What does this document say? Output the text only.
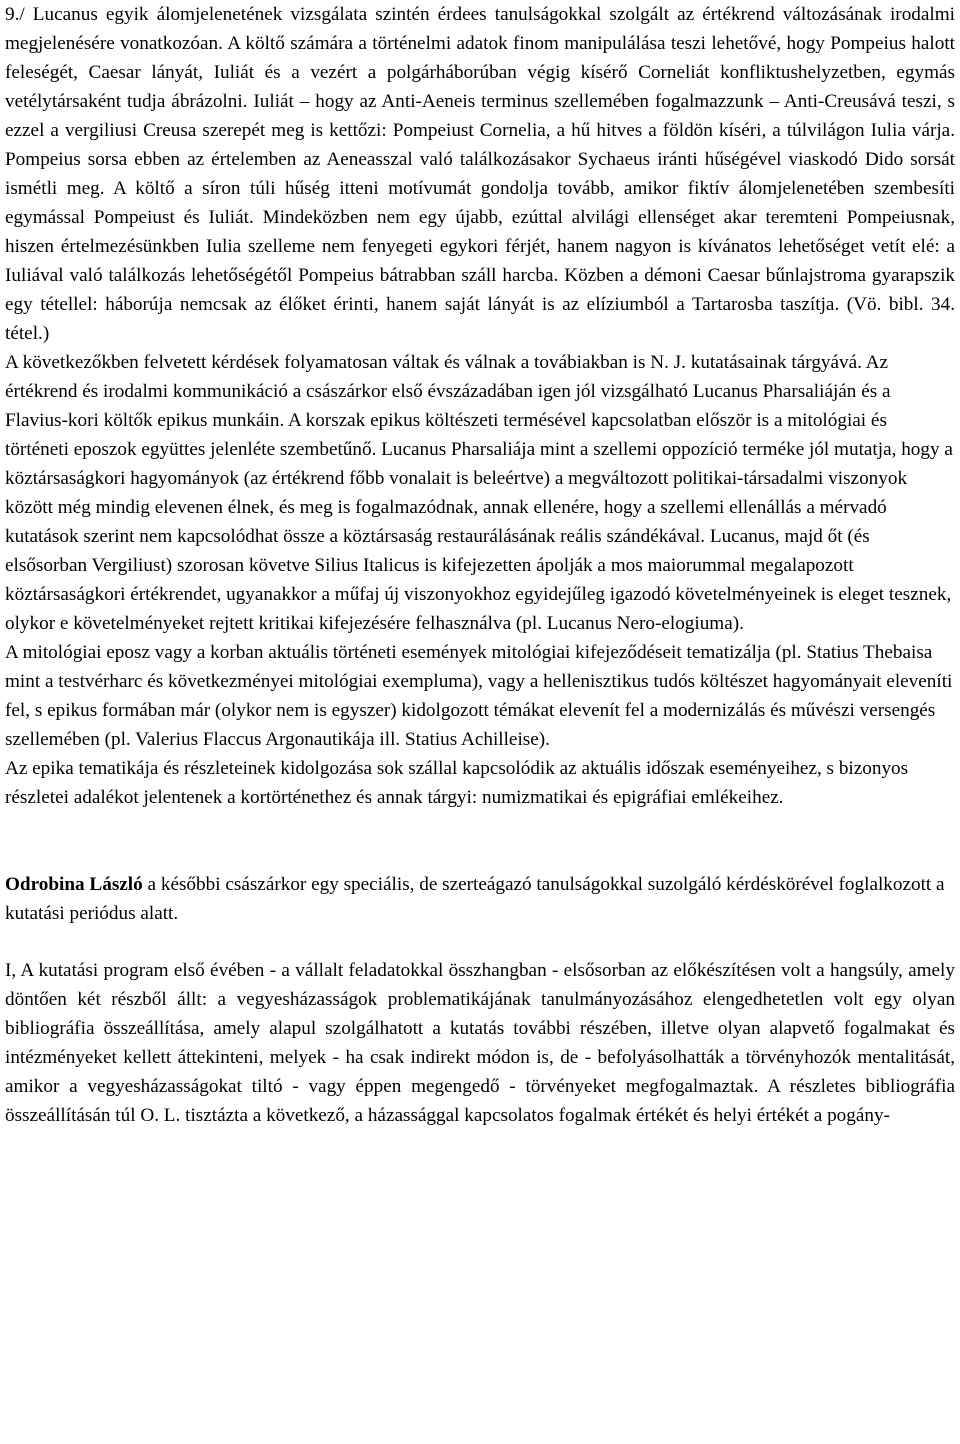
9./ Lucanus egyik álomjelenetének vizsgálata szintén érdees tanulságokkal szolgált az értékrend változásának irodalmi megjelenésére vonatkozóan. A költő számára a történelmi adatok finom manipulálása teszi lehetővé, hogy Pompeius halott feleségét, Caesar lányát, Iuliát és a vezért a polgárháborúban végig kísérő Corneliát konfliktushelyzetben, egymás vetélytársaként tudja ábrázolni. Iuliát – hogy az Anti-Aeneis terminus szellemében fogalmazzunk – Anti-Creusává teszi, s ezzel a vergiliusi Creusa szerepét meg is kettőzi: Pompeiust Cornelia, a hű hitves a földön kíséri, a túlvilágon Iulia várja. Pompeius sorsa ebben az értelemben az Aeneasszal való találkozásakor Sychaeus iránti hűségével viaskodó Dido sorsát ismétli meg. A költő a síron túli hűség itteni motívumát gondolja tovább, amikor fiktív álomjelenetében szembesíti egymással Pompeiust és Iuliát. Mindeközben nem egy újabb, ezúttal alvilági ellenséget akar teremteni Pompeiusnak, hiszen értelmezésünkben Iulia szelleme nem fenyegeti egykori férjét, hanem nagyon is kívánatos lehetőséget vetít elé: a Iuliával való találkozás lehetőségétől Pompeius bátrabban száll harcba. Közben a démoni Caesar bűnlajstroma gyarapszik egy tétellel: háborúja nemcsak az élőket érinti, hanem saját lányát is az elíziumból a Tartarosba taszítja. (Vö. bibl. 34. tétel.)

A következőkben felvetett kérdések folyamatosan váltak és válnak a továbiakban is N. J. kutatásainak tárgyává. Az értékrend és irodalmi kommunikáció a császárkor első évszázadában igen jól vizsgálható Lucanus Pharsaliáján és a Flavius-kori költők epikus munkáin. A korszak epikus költészeti termésével kapcsolatban először is a mitológiai és történeti eposzok együttes jelenléte szembetűnő. Lucanus Pharsaliája mint a szellemi oppozíció terméke jól mutatja, hogy a köztársaságkori hagyományok (az értékrend főbb vonalait is beleértve) a megváltozott politikai-társadalmi viszonyok között még mindig elevenen élnek, és meg is fogalmazódnak, annak ellenére, hogy a szellemi ellenállás a mérvadó kutatások szerint nem kapcsolódhat össze a köztársaság restaurálásának reális szándékával. Lucanus, majd őt (és elsősorban Vergiliust) szorosan követve Silius Italicus is kifejezetten ápolják a mos maiorummal megalapozott köztársaságkori értékrendet, ugyanakkor a műfaj új viszonyokhoz egyidejűleg igazodó követelményeinek is eleget tesznek, olykor e követelményeket rejtett kritikai kifejezésére felhasználva (pl. Lucanus Nero-elogiuma).

A mitológiai eposz vagy a korban aktuális történeti események mitológiai kifejeződéseit tematizálja (pl. Statius Thebaisa mint a testvérharc és következményei mitológiai exempluma), vagy a hellenisztikus tudós költészet hagyományait eleveníti fel, s epikus formában már (olykor nem is egyszer) kidolgozott témákat elevenít fel a modernizálás és művészi versengés szellemében (pl. Valerius Flaccus Argonautikája ill. Statius Achilleise).

Az epika tematikája és részleteinek kidolgozása sok szállal kapcsolódik az aktuális időszak eseményeihez, s bizonyos részletei adalékot jelentenek a kortörténethez és annak tárgyi: numizmatikai és epigráfiai emlékeihez.

Odrobina László a későbbi császárkor egy speciális, de szerteágazó tanulságokkal suzolgáló kérdéskörével foglalkozott a kutatási periódus alatt.

I, A kutatási program első évében - a vállalt feladatokkal összhangban - elsősorban az előkészítésen volt a hangsúly, amely döntően két részből állt: a vegyesházasságok problematikájának tanulmányozásához elengedhetetlen volt egy olyan bibliográfia összeállítása, amely alapul szolgálhatott a kutatás további részében, illetve olyan alapvető fogalmakat és intézményeket kellett áttekinteni, melyek - ha csak indirekt módon is, de - befolyásolhatták a törvényhozók mentalitását, amikor a vegyesházasságokat tiltó - vagy éppen megengedő - törvényeket megfogalmaztak. A részletes bibliográfia összeállításán túl O. L. tisztázta a következő, a házassággal kapcsolatos fogalmak értékét és helyi értékét a pogány-
